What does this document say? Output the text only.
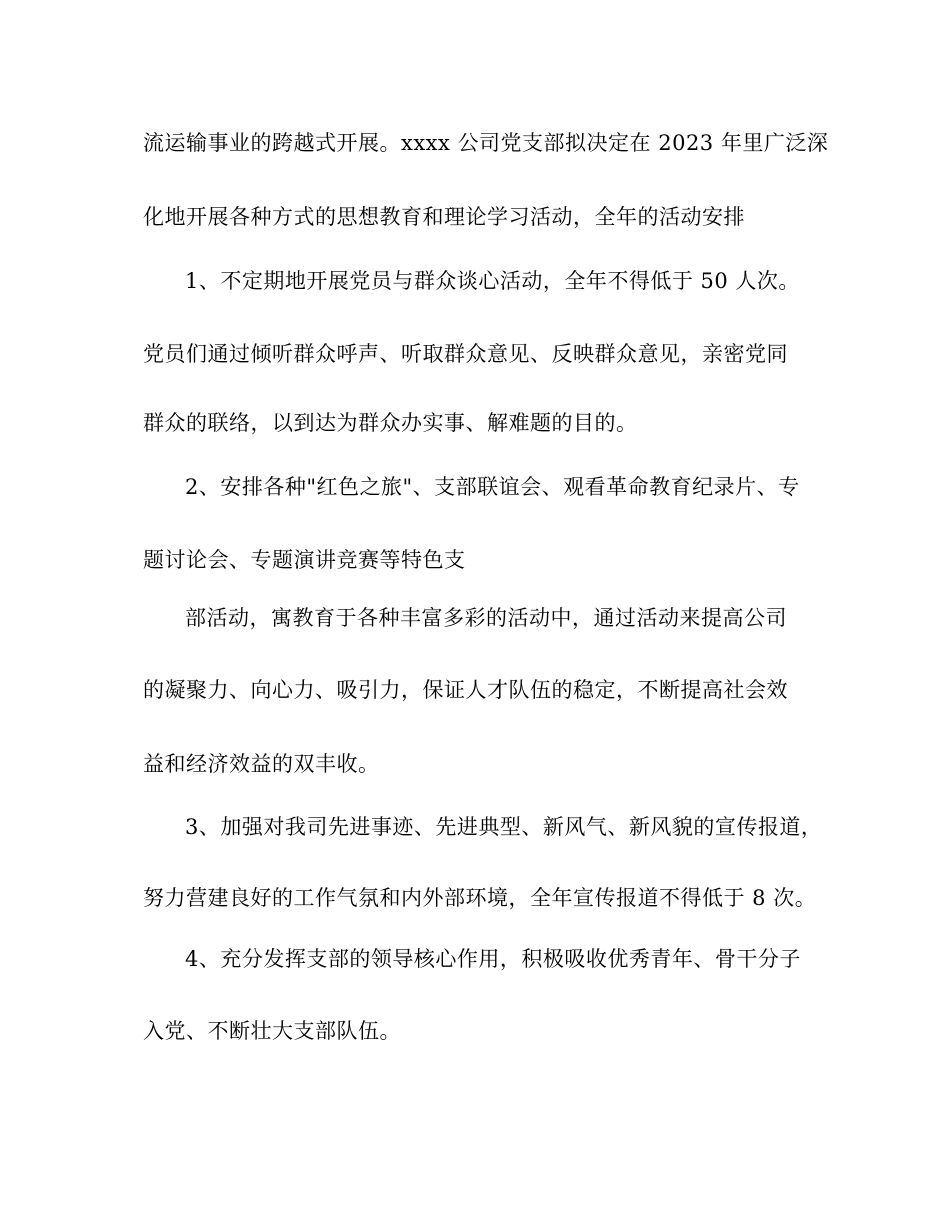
流运输事业的跨越式开展。xxxx 公司党支部拟决定在 2023 年里广泛深
化地开展各种方式的思想教育和理论学习活动，全年的活动安排
1、不定期地开展党员与群众谈心活动，全年不得低于 50 人次。
党员们通过倾听群众呼声、听取群众意见、反映群众意见，亲密党同
群众的联络，以到达为群众办实事、解难题的目的。
2、安排各种"红色之旅"、支部联谊会、观看革命教育纪录片、专
题讨论会、专题演讲竞赛等特色支
部活动，寓教育于各种丰富多彩的活动中，通过活动来提高公司
的凝聚力、向心力、吸引力，保证人才队伍的稳定，不断提高社会效
益和经济效益的双丰收。
3、加强对我司先进事迹、先进典型、新风气、新风貌的宣传报道，
努力营建良好的工作气氛和内外部环境，全年宣传报道不得低于 8 次。
4、充分发挥支部的领导核心作用，积极吸收优秀青年、骨干分子
入党、不断壮大支部队伍。
